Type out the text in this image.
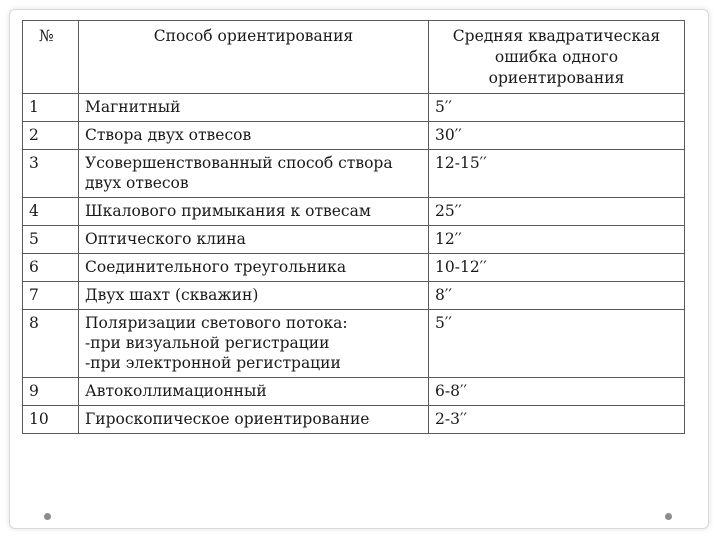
№	Способ ориентирования	Средняя квадратическая
ошибка одного
ориентирования
1	Магнитный	5′′
2	Створа двух отвесов	30′′
3	Усовершенствованный способ створа
двух отвесов	12-15′′
4	Шкалового примыкания к отвесам	25′′
5	Оптического клина	12′′
6	Соединительного треугольника	10-12′′
7	Двух шахт (скважин)	8′′
8	Поляризации светового потока:
-при визуальной регистрации
-при электронной регистрации	5′′
9	Автоколлимационный	6-8′′
10	Гироскопическое ориентирование	2-3′′
